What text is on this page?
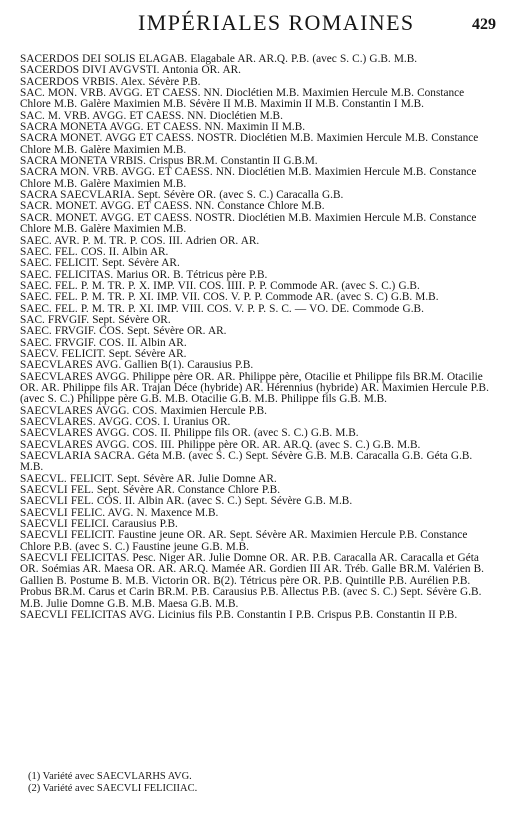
IMPÉRIALES ROMAINES	429

SACERDOS DEI SOLIS ELAGAB. Elagabale AR. AR.Q. P.B. (avec S. C.) G.B. M.B.

SACERDOS DIVI AVGVSTI. Antonia OR. AR.

SACERDOS VRBIS. Alex. Sévère P.B.

SAC. MON. VRB. AVGG. ET CAESS. NN. Dioclétien M.B. Maximien Hercule M.B. Constance Chlore M.B. Galère Maximien M.B. Sévère II M.B. Maximin II M.B. Constantin I M.B.

SAC. M. VRB. AVGG. ET CAESS. NN. Dioclétien M.B.

SACRA MONETA AVGG. ET CAESS. NN. Maximin II M.B.

SACRA MONET. AVGG ET CAESS. NOSTR. Dioclétien M.B. Maximien Hercule M.B. Constance Chlore M.B. Galère Maximien M.B.

SACRA MONETA VRBIS. Crispus BR.M. Constantin II G.B.M.

SACRA MON. VRB. AVGG. ET CAESS. NN. Dioclétien M.B. Maximien Hercule M.B. Constance Chlore M.B. Galère Maximien M.B.

SACRA SAECVLARIA. Sept. Sévère OR. (avec S. C.) Caracalla G.B.

SACR. MONET. AVGG. ET CAESS. NN. Constance Chlore M.B.

SACR. MONET. AVGG. ET CAESS. NOSTR. Dioclétien M.B. Maximien Hercule M.B. Constance Chlore M.B. Galère Maximien M.B.

SAEC. AVR. P. M. TR. P. COS. III. Adrien OR. AR.

SAEC. FEL. COS. II. Albin AR.

SAEC. FELICIT. Sept. Sévère AR.

SAEC. FELICITAS. Marius OR. B. Tétricus père P.B.

SAEC. FEL. P. M. TR. P. X. IMP. VII. COS. IIII. P. P. Commode AR. (avec S. C.) G.B.

SAEC. FEL. P. M. TR. P. XI. IMP. VII. COS. V. P. P. Commode AR. (avec S. C) G.B. M.B.

SAEC. FEL. P. M. TR. P. XI. IMP. VIII. COS. V. P. P. S. C. — VO. DE. Commode G.B.

SAC. FRVGIF. Sept. Sévère OR.

SAEC. FRVGIF. COS. Sept. Sévère OR. AR.

SAEC. FRVGIF. COS. II. Albin AR.

SAECV. FELICIT. Sept. Sévère AR.

SAECVLARES AVG. Gallien B(1). Carausius P.B.

SAECVLARES AVGG. Philippe père OR. AR. Philippe père, Otacilie et Philippe fils BR.M. Otacilie OR. AR. Philippe fils AR. Trajan Déce (hybride) AR. Hérennius (hybride) AR. Maximien Hercule P.B. (avec S. C.) Philippe père G.B. M.B. Otacilie G.B. M.B. Philippe fils G.B. M.B.

SAECVLARES AVGG. COS. Maximien Hercule P.B.

SAECVLARES. AVGG. COS. I. Uranius OR.

SAECVLARES AVGG. COS. II. Philippe fils OR. (avec S. C.) G.B. M.B.

SAECVLARES AVGG. COS. III. Philippe père OR. AR. AR.Q. (avec S. C.) G.B. M.B.

SAECVLARIA SACRA. Géta M.B. (avec S. C.) Sept. Sévère G.B. M.B. Caracalla G.B. Géta G.B. M.B.

SAECVL. FELICIT. Sept. Sévère AR. Julie Domne AR.

SAECVLI FEL. Sept. Sévère AR. Constance Chlore P.B.

SAECVLI FEL. COS. II. Albin AR. (avec S. C.) Sept. Sévère G.B. M.B.

SAECVLI FELIC. AVG. N. Maxence M.B.

SAECVLI FELICI. Carausius P.B.

SAECVLI FELICIT. Faustine jeune OR. AR. Sept. Sévère AR. Maximien Hercule P.B. Constance Chlore P.B. (avec S. C.) Faustine jeune G.B. M.B.

SAECVLI FELICITAS. Pesc. Niger AR. Julie Domne OR. AR. P.B. Caracalla AR. Caracalla et Géta OR. Soémias AR. Maesa OR. AR. AR.Q. Mamée AR. Gordien III AR. Tréb. Galle BR.M. Valérien B. Gallien B. Postume B. M.B. Victorin OR. B(2). Tétricus père OR. P.B. Quintille P.B. Aurélien P.B. Probus BR.M. Carus et Carin BR.M. P.B. Carausius P.B. Allectus P.B. (avec S. C.) Sept. Sévère G.B. M.B. Julie Domne G.B. M.B. Maesa G.B. M.B.

SAECVLI FELICITAS AVG. Licinius fils P.B. Constantin I P.B. Crispus P.B. Constantin II P.B.

(1) Variété avec SAECVLARHS AVG.

(2) Variété avec SAECVLI FELICIIAC.
